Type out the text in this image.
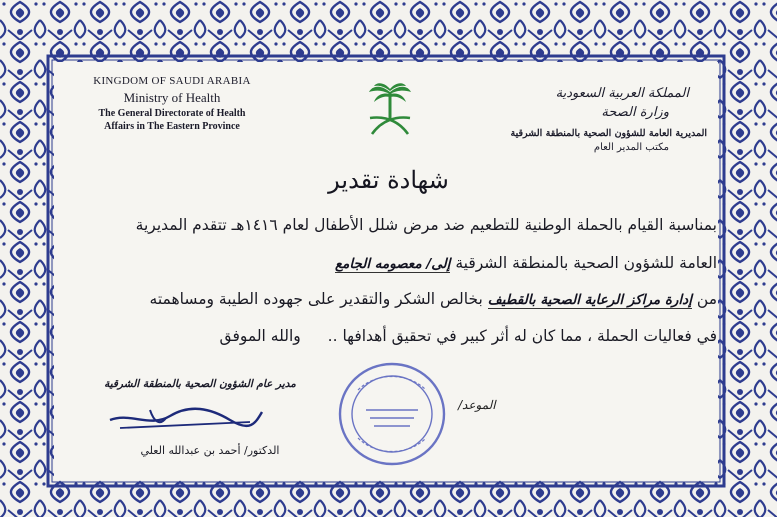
KINGDOM OF SAUDI ARABIA
Ministry of Health
The General Directorate of Health
Affairs in The Eastern Province
المملكة العربية السعودية
وزارة الصحة
المديرية العامة للشؤون الصحية بالمنطقة الشرقية
مكتب المدير العام
شهادة تقدير
بمناسبة القيام بالحملة الوطنية للتطعيم ضد مرض شلل الأطفال لعام ١٤١٦هـ تتقدم المديرية
العامة للشؤون الصحية بالمنطقة الشرقية إلى/ معصومه الجامع
من إدارة مراكز الرعاية الصحية بالقطيف بخالص الشكر والتقدير على جهوده الطيبة ومساهمته
في فعاليات الحملة ، مما كان له أثر كبير في تحقيق أهدافها .. والله الموفق
مدير عام الشؤون الصحية بالمنطقة الشرقية
الدكتور/ أحمد بن عبدالله العلي
الموعد/
